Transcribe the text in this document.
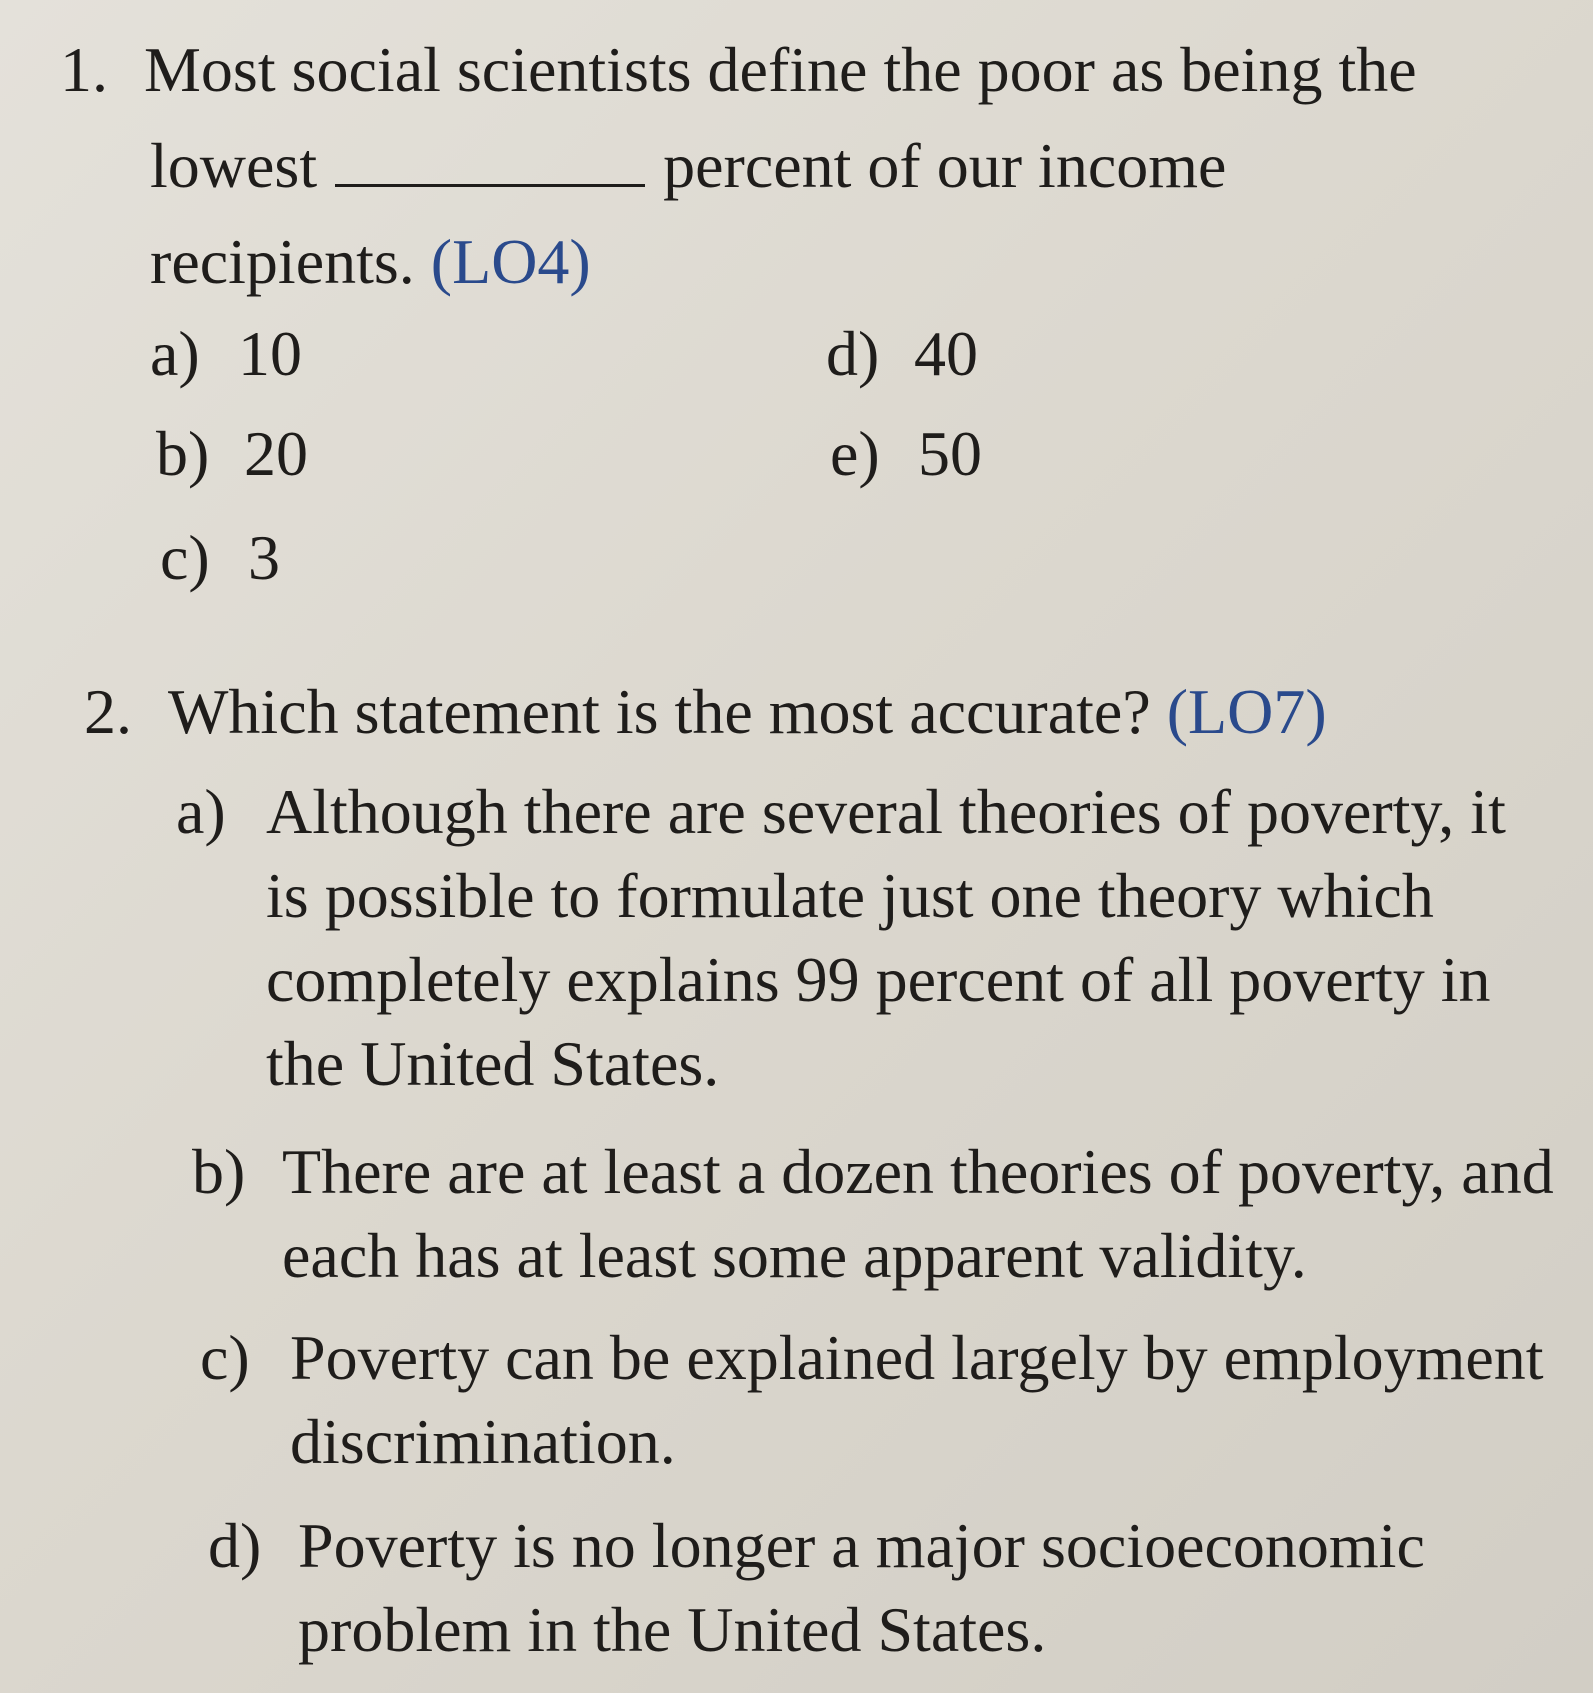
1. Most social scientists define the poor as being the
lowest	percent of our income
recipients. (LO4)
a) 10
b) 20
c) 3
d) 40
e) 50
2. Which statement is the most accurate? (LO7)
a) Although there are several theories of poverty, it is possible to formulate just one theory which completely explains 99 percent of all poverty in the United States.
b) There are at least a dozen theories of poverty, and each has at least some apparent validity.
c) Poverty can be explained largely by employment discrimination.
d) Poverty is no longer a major socioeconomic problem in the United States.
